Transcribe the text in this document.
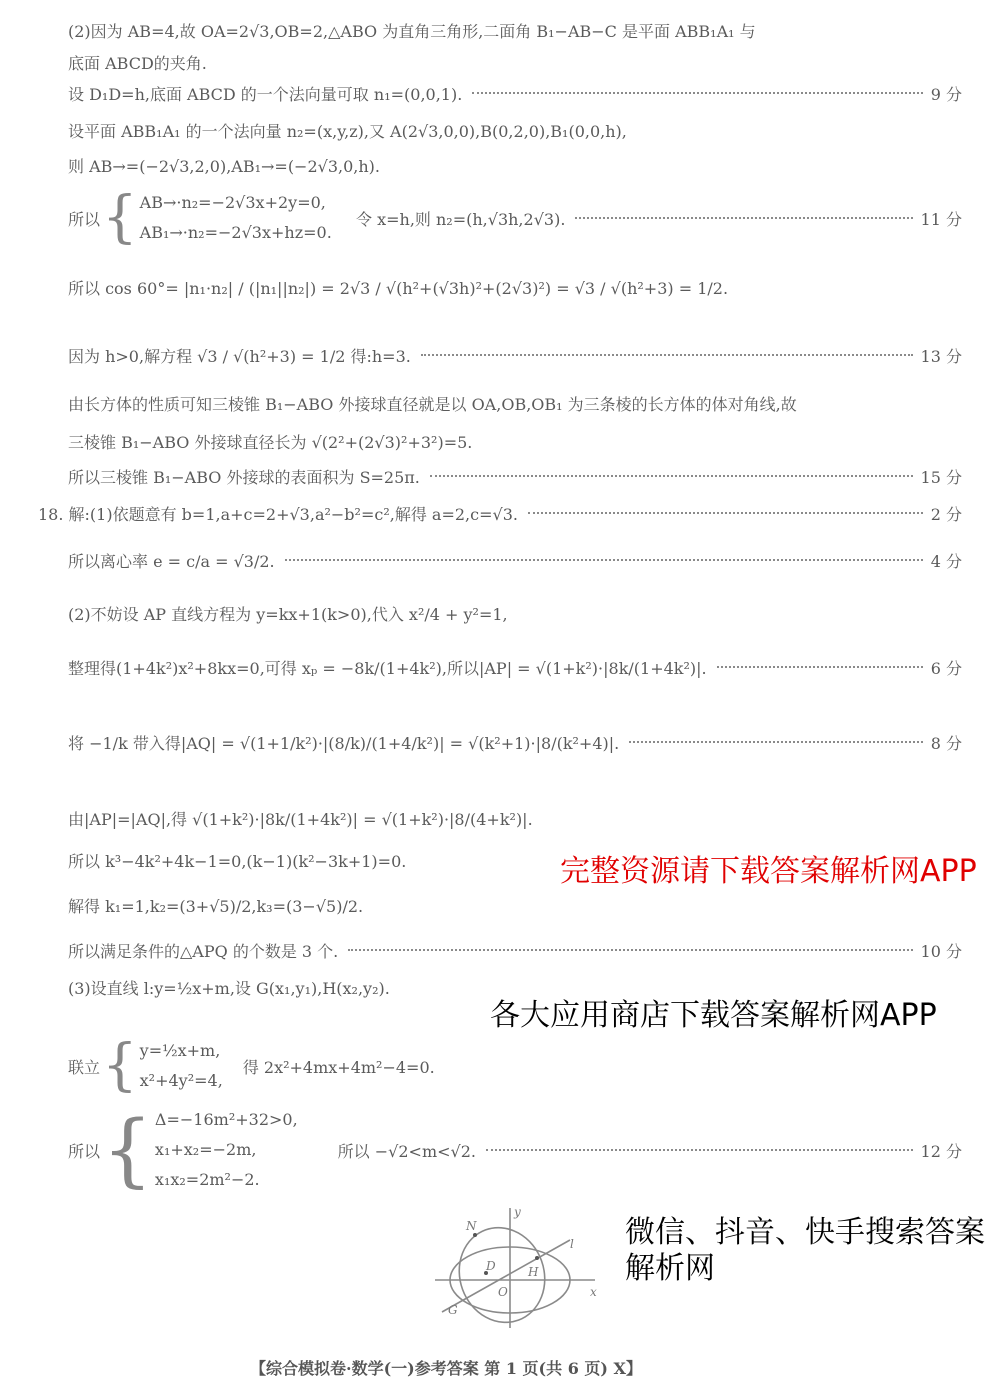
(2)因为 AB=4,故 OA=2√3,OB=2,△ABO 为直角三角形,二面角 B₁−AB−C 是平面 ABB₁A₁ 与
底面 ABCD的夹角.
设 D₁D=h,底面 ABCD 的一个法向量可取 n₁=(0,0,1).	9 分
设平面 ABB₁A₁ 的一个法向量 n₂=(x,y,z),又 A(2√3,0,0),B(0,2,0),B₁(0,0,h),
则 AB→=(−2√3,2,0),AB₁→=(−2√3,0,h).
所以 { AB→·n₂=−2√3x+2y=0,
AB₁→·n₂=−2√3x+hz=0.
令 x=h,则 n₂=(h,√3h,2√3).	11 分
所以 cos 60°= |n₁·n₂| / (|n₁||n₂|) = 2√3 / √(h²+(√3h)²+(2√3)²) = √3 / √(h²+3) = 1/2.
因为 h>0,解方程 √3 / √(h²+3) = 1/2 得:h=3.	13 分
由长方体的性质可知三棱锥 B₁−ABO 外接球直径就是以 OA,OB,OB₁ 为三条棱的长方体的体对角线,故
三棱锥 B₁−ABO 外接球直径长为 √(2²+(2√3)²+3²)=5.
所以三棱锥 B₁−ABO 外接球的表面积为 S=25π.	15 分
18. 解:(1)依题意有 b=1,a+c=2+√3,a²−b²=c²,解得 a=2,c=√3.	2 分
所以离心率 e = c/a = √3/2.	4 分
(2)不妨设 AP 直线方程为 y=kx+1(k>0),代入 x²/4 + y²=1,
整理得(1+4k²)x²+8kx=0,可得 xₚ = −8k/(1+4k²),所以|AP| = √(1+k²)·|8k/(1+4k²)|.	6 分
将 −1/k 带入得|AQ| = √(1+1/k²)·|(8/k)/(1+4/k²)| = √(k²+1)·|8/(k²+4)|.	8 分
由|AP|=|AQ|,得 √(1+k²)·|8k/(1+4k²)| = √(1+k²)·|8/(4+k²)|.
所以 k³−4k²+4k−1=0,(k−1)(k²−3k+1)=0.
解得 k₁=1,k₂=(3+√5)/2,k₃=(3−√5)/2.
所以满足条件的△APQ 的个数是 3 个.	10 分
(3)设直线 l:y=½x+m,设 G(x₁,y₁),H(x₂,y₂).
联立 { y=½x+m,
x²+4y²=4,
得 2x²+4mx+4m²−4=0.
所以 { Δ=−16m²+32>0,
x₁+x₂=−2m,
x₁x₂=2m²−2.
所以 −√2<m<√2.	12 分
y
x
N
l
D	H
O
G
【综合模拟卷·数学(一)参考答案 第 1 页(共 6 页) X】
各大应用商店下载答案解析网APP
完整资源请下载答案解析网APP
微信、抖音、快手搜索答案解析网
